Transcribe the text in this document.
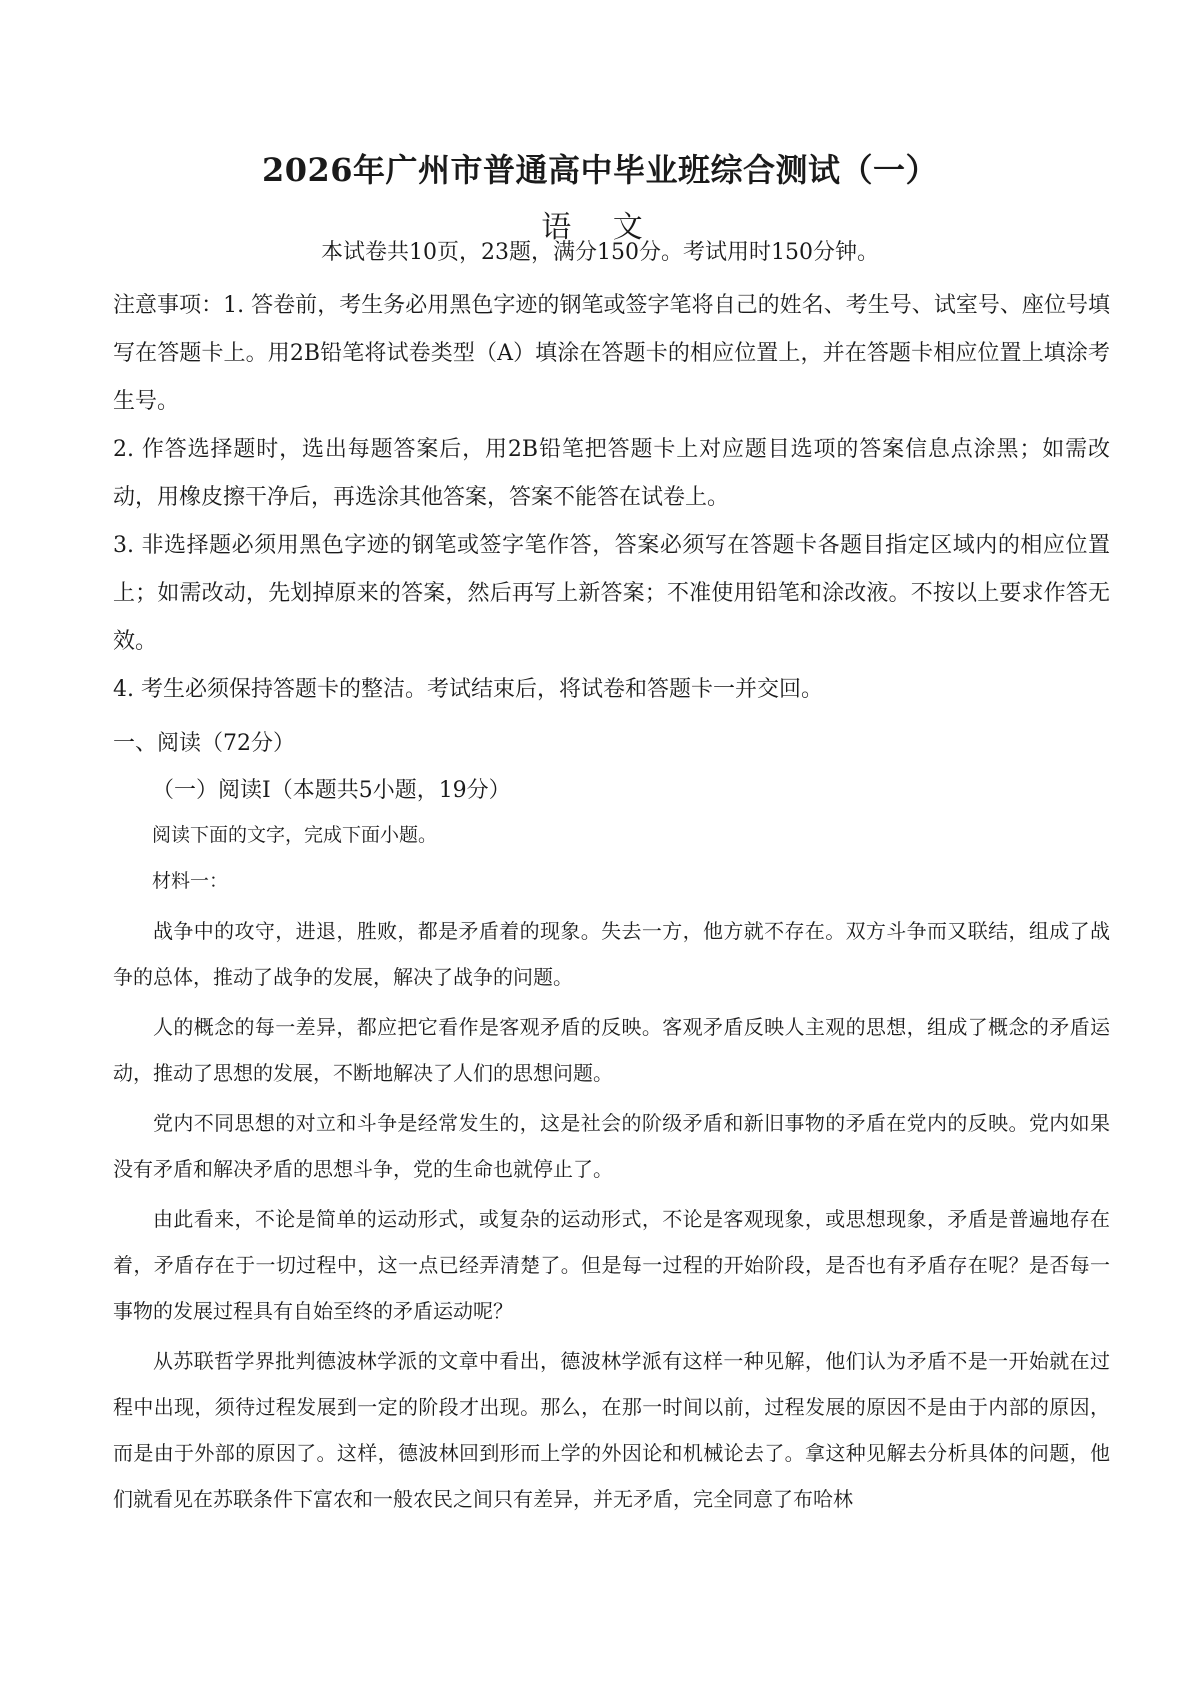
2026年广州市普通高中毕业班综合测试（一）
语 文
本试卷共10页，23题，满分150分。考试用时150分钟。

注意事项：1. 答卷前，考生务必用黑色字迹的钢笔或签字笔将自己的姓名、考生号、试室号、座位号填写在答题卡上。用2B铅笔将试卷类型（A）填涂在答题卡的相应位置上，并在答题卡相应位置上填涂考生号。

2. 作答选择题时，选出每题答案后，用2B铅笔把答题卡上对应题目选项的答案信息点涂黑；如需改动，用橡皮擦干净后，再选涂其他答案，答案不能答在试卷上。

3. 非选择题必须用黑色字迹的钢笔或签字笔作答，答案必须写在答题卡各题目指定区域内的相应位置上；如需改动，先划掉原来的答案，然后再写上新答案；不准使用铅笔和涂改液。不按以上要求作答无效。

4. 考生必须保持答题卡的整洁。考试结束后，将试卷和答题卡一并交回。

一、阅读（72分）
（一）阅读Ⅰ（本题共5小题，19分）
阅读下面的文字，完成下面小题。
材料一：

战争中的攻守，进退，胜败，都是矛盾着的现象。失去一方，他方就不存在。双方斗争而又联结，组成了战争的总体，推动了战争的发展，解决了战争的问题。

人的概念的每一差异，都应把它看作是客观矛盾的反映。客观矛盾反映人主观的思想，组成了概念的矛盾运动，推动了思想的发展，不断地解决了人们的思想问题。

党内不同思想的对立和斗争是经常发生的，这是社会的阶级矛盾和新旧事物的矛盾在党内的反映。党内如果没有矛盾和解决矛盾的思想斗争，党的生命也就停止了。

由此看来，不论是简单的运动形式，或复杂的运动形式，不论是客观现象，或思想现象，矛盾是普遍地存在着，矛盾存在于一切过程中，这一点已经弄清楚了。但是每一过程的开始阶段，是否也有矛盾存在呢？是否每一事物的发展过程具有自始至终的矛盾运动呢？

从苏联哲学界批判德波林学派的文章中看出，德波林学派有这样一种见解，他们认为矛盾不是一开始就在过程中出现，须待过程发展到一定的阶段才出现。那么，在那一时间以前，过程发展的原因不是由于内部的原因，而是由于外部的原因了。这样，德波林回到形而上学的外因论和机械论去了。拿这种见解去分析具体的问题，他们就看见在苏联条件下富农和一般农民之间只有差异，并无矛盾，完全同意了布哈林
